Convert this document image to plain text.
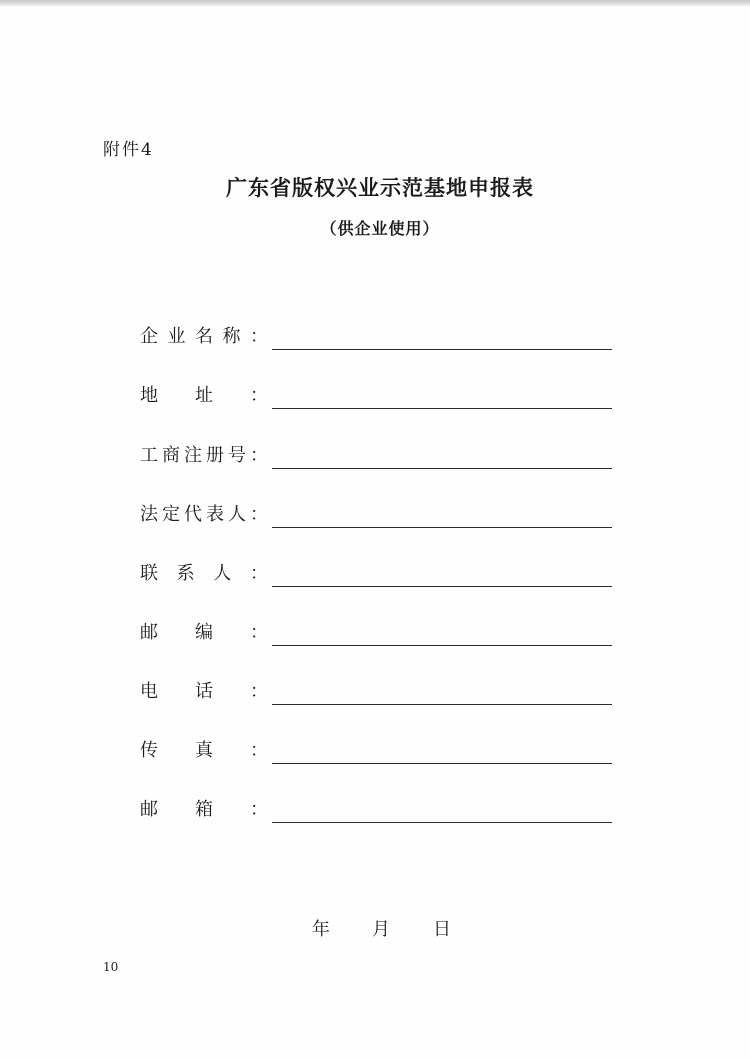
附件4
广东省版权兴业示范基地申报表
（供企业使用）
企 业 名 称 ：
地 址 ：
工 商 注 册 号 ：
法 定 代 表 人 ：
联 系 人 ：
邮 编 ：
电 话 ：
传 真 ：
邮 箱 ：
年 月 日
10
